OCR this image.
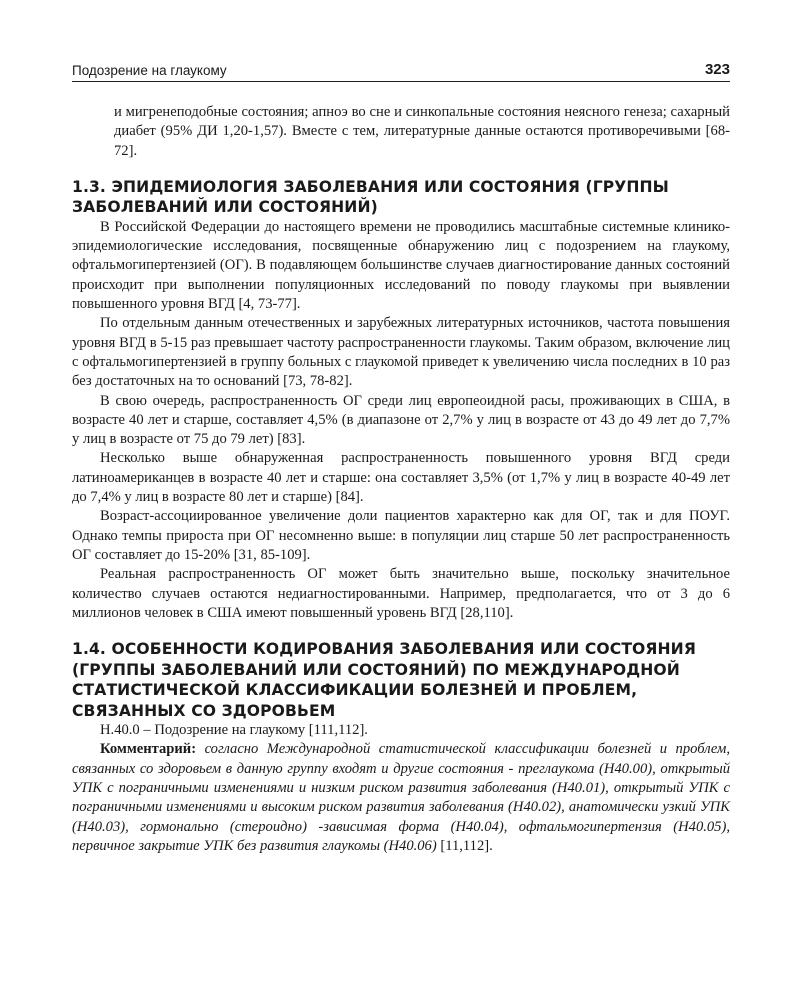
Подозрение на глаукому	323

и мигренеподобные состояния; апноэ во сне и синкопальные состояния неясного генеза; сахарный диабет (95% ДИ 1,20-1,57). Вместе с тем, литературные данные остаются противоречивыми [68-72].

1.3. ЭПИДЕМИОЛОГИЯ ЗАБОЛЕВАНИЯ ИЛИ СОСТОЯНИЯ (ГРУППЫ ЗАБОЛЕВАНИЙ ИЛИ СОСТОЯНИЙ)

В Российской Федерации до настоящего времени не проводились масштабные системные клинико-эпидемиологические исследования, посвященные обнаружению лиц с подозрением на глаукому, офтальмогипертензией (ОГ). В подавляющем большинстве случаев диагностирование данных состояний происходит при выполнении популяционных исследований по поводу глаукомы при выявлении повышенного уровня ВГД [4, 73-77].

По отдельным данным отечественных и зарубежных литературных источников, частота повышения уровня ВГД в 5-15 раз превышает частоту распространенности глаукомы. Таким образом, включение лиц с офтальмогипертензией в группу больных с глаукомой приведет к увеличению числа последних в 10 раз без достаточных на то оснований [73, 78-82].

В свою очередь, распространенность ОГ среди лиц европеоидной расы, проживающих в США, в возрасте 40 лет и старше, составляет 4,5% (в диапазоне от 2,7% у лиц в возрасте от 43 до 49 лет до 7,7% у лиц в возрасте от 75 до 79 лет) [83].

Несколько выше обнаруженная распространенность повышенного уровня ВГД среди латиноамериканцев в возрасте 40 лет и старше: она составляет 3,5% (от 1,7% у лиц в возрасте 40-49 лет до 7,4% у лиц в возрасте 80 лет и старше) [84].

Возраст-ассоциированное увеличение доли пациентов характерно как для ОГ, так и для ПОУГ. Однако темпы прироста при ОГ несомненно выше: в популяции лиц старше 50 лет распространенность ОГ составляет до 15-20% [31, 85-109].

Реальная распространенность ОГ может быть значительно выше, поскольку значительное количество случаев остаются недиагностированными. Например, предполагается, что от 3 до 6 миллионов человек в США имеют повышенный уровень ВГД [28,110].

1.4. ОСОБЕННОСТИ КОДИРОВАНИЯ ЗАБОЛЕВАНИЯ ИЛИ СОСТОЯНИЯ (ГРУППЫ ЗАБОЛЕВАНИЙ ИЛИ СОСТОЯНИЙ) ПО МЕЖДУНАРОДНОЙ СТАТИСТИЧЕСКОЙ КЛАССИФИКАЦИИ БОЛЕЗНЕЙ И ПРОБЛЕМ, СВЯЗАННЫХ СО ЗДОРОВЬЕМ

Н.40.0 – Подозрение на глаукому [111,112].

Комментарий: согласно Международной статистической классификации болезней и проблем, связанных со здоровьем в данную группу входят и другие состояния - преглаукома (Н40.00), открытый УПК с пограничными изменениями и низким риском развития заболевания (Н40.01), открытый УПК с пограничными изменениями и высоким риском развития заболевания (Н40.02), анатомически узкий УПК (Н40.03), гормонально (стероидно) -зависимая форма (Н40.04), офтальмогипертензия (Н40.05), первичное закрытие УПК без развития глаукомы (Н40.06) [11,112].
